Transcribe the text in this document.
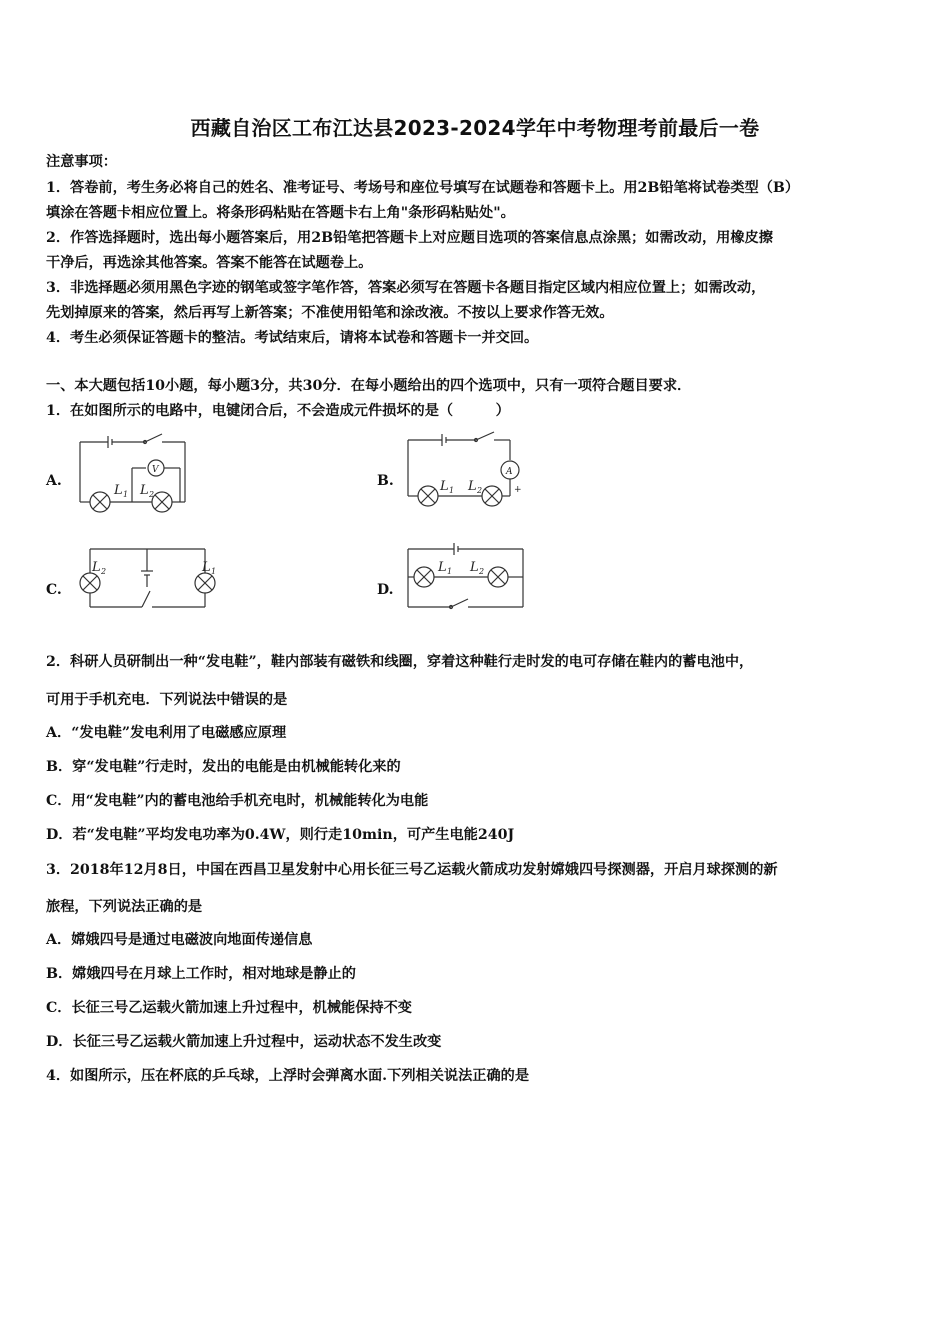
西藏自治区工布江达县2023-2024学年中考物理考前最后一卷
注意事项：
1．答卷前，考生务必将自己的姓名、准考证号、考场号和座位号填写在试题卷和答题卡上。用2B铅笔将试卷类型（B）
填涂在答题卡相应位置上。将条形码粘贴在答题卡右上角"条形码粘贴处"。
2．作答选择题时，选出每小题答案后，用2B铅笔把答题卡上对应题目选项的答案信息点涂黑；如需改动，用橡皮擦
干净后，再选涂其他答案。答案不能答在试题卷上。
3．非选择题必须用黑色字迹的钢笔或签字笔作答，答案必须写在答题卡各题目指定区域内相应位置上；如需改动，
先划掉原来的答案，然后再写上新答案；不准使用铅笔和涂改液。不按以上要求作答无效。
4．考生必须保证答题卡的整洁。考试结束后，请将本试卷和答题卡一并交回。
一、本大题包括10小题，每小题3分，共30分．在每小题给出的四个选项中，只有一项符合题目要求．
1．在如图所示的电路中，电键闭合后，不会造成元件损坏的是（　　　）
A.	B.
C.	D.
V
L 1 L 2
A
+
L 1 L 2
L 2	L 1	L 1 L 2
2．科研人员研制出一种“发电鞋”，鞋内部装有磁铁和线圈，穿着这种鞋行走时发的电可存储在鞋内的蓄电池中，
可用于手机充电．下列说法中错误的是
A．“发电鞋”发电利用了电磁感应原理
B．穿“发电鞋”行走时，发出的电能是由机械能转化来的
C．用“发电鞋”内的蓄电池给手机充电时，机械能转化为电能
D．若“发电鞋”平均发电功率为0.4W，则行走10min，可产生电能240J
3．2018年12月8日，中国在西昌卫星发射中心用长征三号乙运载火箭成功发射嫦娥四号探测器，开启月球探测的新
旅程，下列说法正确的是
A．嫦娥四号是通过电磁波向地面传递信息
B．嫦娥四号在月球上工作时，相对地球是静止的
C．长征三号乙运载火箭加速上升过程中，机械能保持不变
D．长征三号乙运载火箭加速上升过程中，运动状态不发生改变
4．如图所示，压在杯底的乒乓球，上浮时会弹离水面.下列相关说法正确的是
